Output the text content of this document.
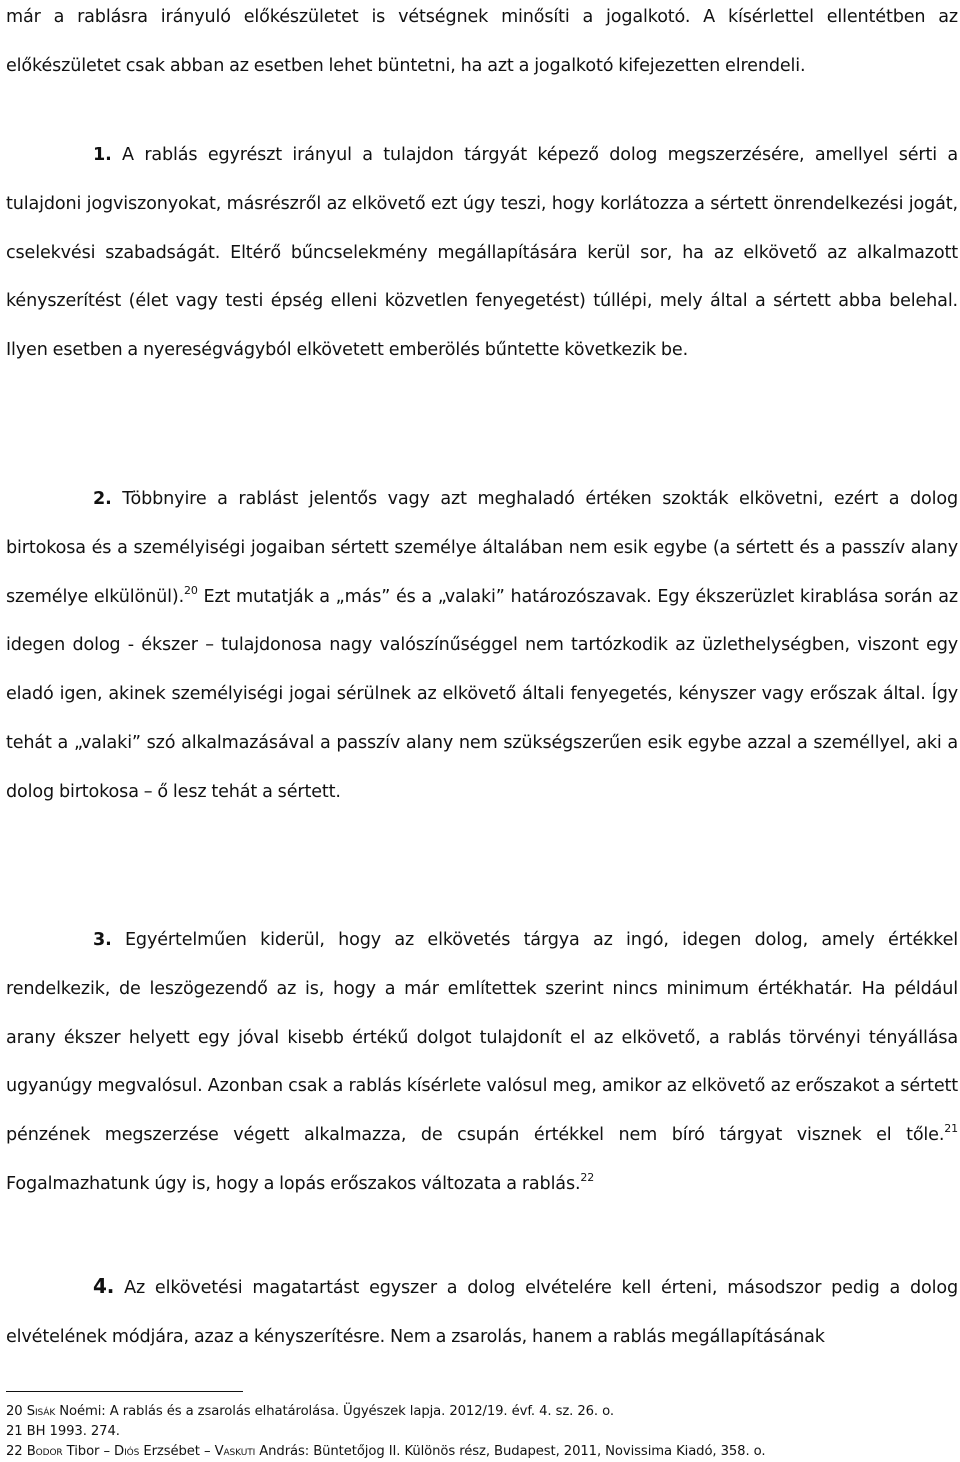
már a rablásra irányuló előkészületet is vétségnek minősíti a jogalkotó. A kísérlettel ellentétben az előkészületet csak abban az esetben lehet büntetni, ha azt a jogalkotó kifejezetten elrendeli.

1. A rablás egyrészt irányul a tulajdon tárgyát képező dolog megszerzésére, amellyel sérti a tulajdoni jogviszonyokat, másrészről az elkövető ezt úgy teszi, hogy korlátozza a sértett önrendelkezési jogát, cselekvési szabadságát. Eltérő bűncselekmény megállapítására kerül sor, ha az elkövető az alkalmazott kényszerítést (élet vagy testi épség elleni közvetlen fenyegetést) túllépi, mely által a sértett abba belehal. Ilyen esetben a nyereségvágyból elkövetett emberölés bűntette következik be.

2. Többnyire a rablást jelentős vagy azt meghaladó értéken szokták elkövetni, ezért a dolog birtokosa és a személyiségi jogaiban sértett személye általában nem esik egybe (a sértett és a passzív alany személye elkülönül).$^{20}$ Ezt mutatják a „más” és a „valaki” határozószavak. Egy ékszerüzlet kirablása során az idegen dolog - ékszer – tulajdonosa nagy valószínűséggel nem tartózkodik az üzlethelységben, viszont egy eladó igen, akinek személyiségi jogai sérülnek az elkövető általi fenyegetés, kényszer vagy erőszak által. Így tehát a „valaki” szó alkalmazásával a passzív alany nem szükségszerűen esik egybe azzal a személlyel, aki a dolog birtokosa – ő lesz tehát a sértett.

3. Egyértelműen kiderül, hogy az elkövetés tárgya az ingó, idegen dolog, amely értékkel rendelkezik, de leszögezendő az is, hogy a már említettek szerint nincs minimum értékhatár. Ha például arany ékszer helyett egy jóval kisebb értékű dolgot tulajdonít el az elkövető, a rablás törvényi tényállása ugyanúgy megvalósul. Azonban csak a rablás kísérlete valósul meg, amikor az elkövető az erőszakot a sértett pénzének megszerzése végett alkalmazza, de csupán értékkel nem bíró tárgyat visznek el tőle.$^{21}$ Fogalmazhatunk úgy is, hogy a lopás erőszakos változata a rablás.$^{22}$

4. Az elkövetési magatartást egyszer a dolog elvételére kell érteni, másodszor pedig a dolog elvételének módjára, azaz a kényszerítésre. Nem a zsarolás, hanem a rablás megállapításának

20 Sisák Noémi: A rablás és a zsarolás elhatárolása. Ügyészek lapja. 2012/19. évf. 4. sz. 26. o.

21 BH 1993. 274.

22 Bodor Tibor – Diós Erzsébet – Vaskuti András: Büntetőjog II. Különös rész, Budapest, 2011, Novissima Kiadó, 358. o.
